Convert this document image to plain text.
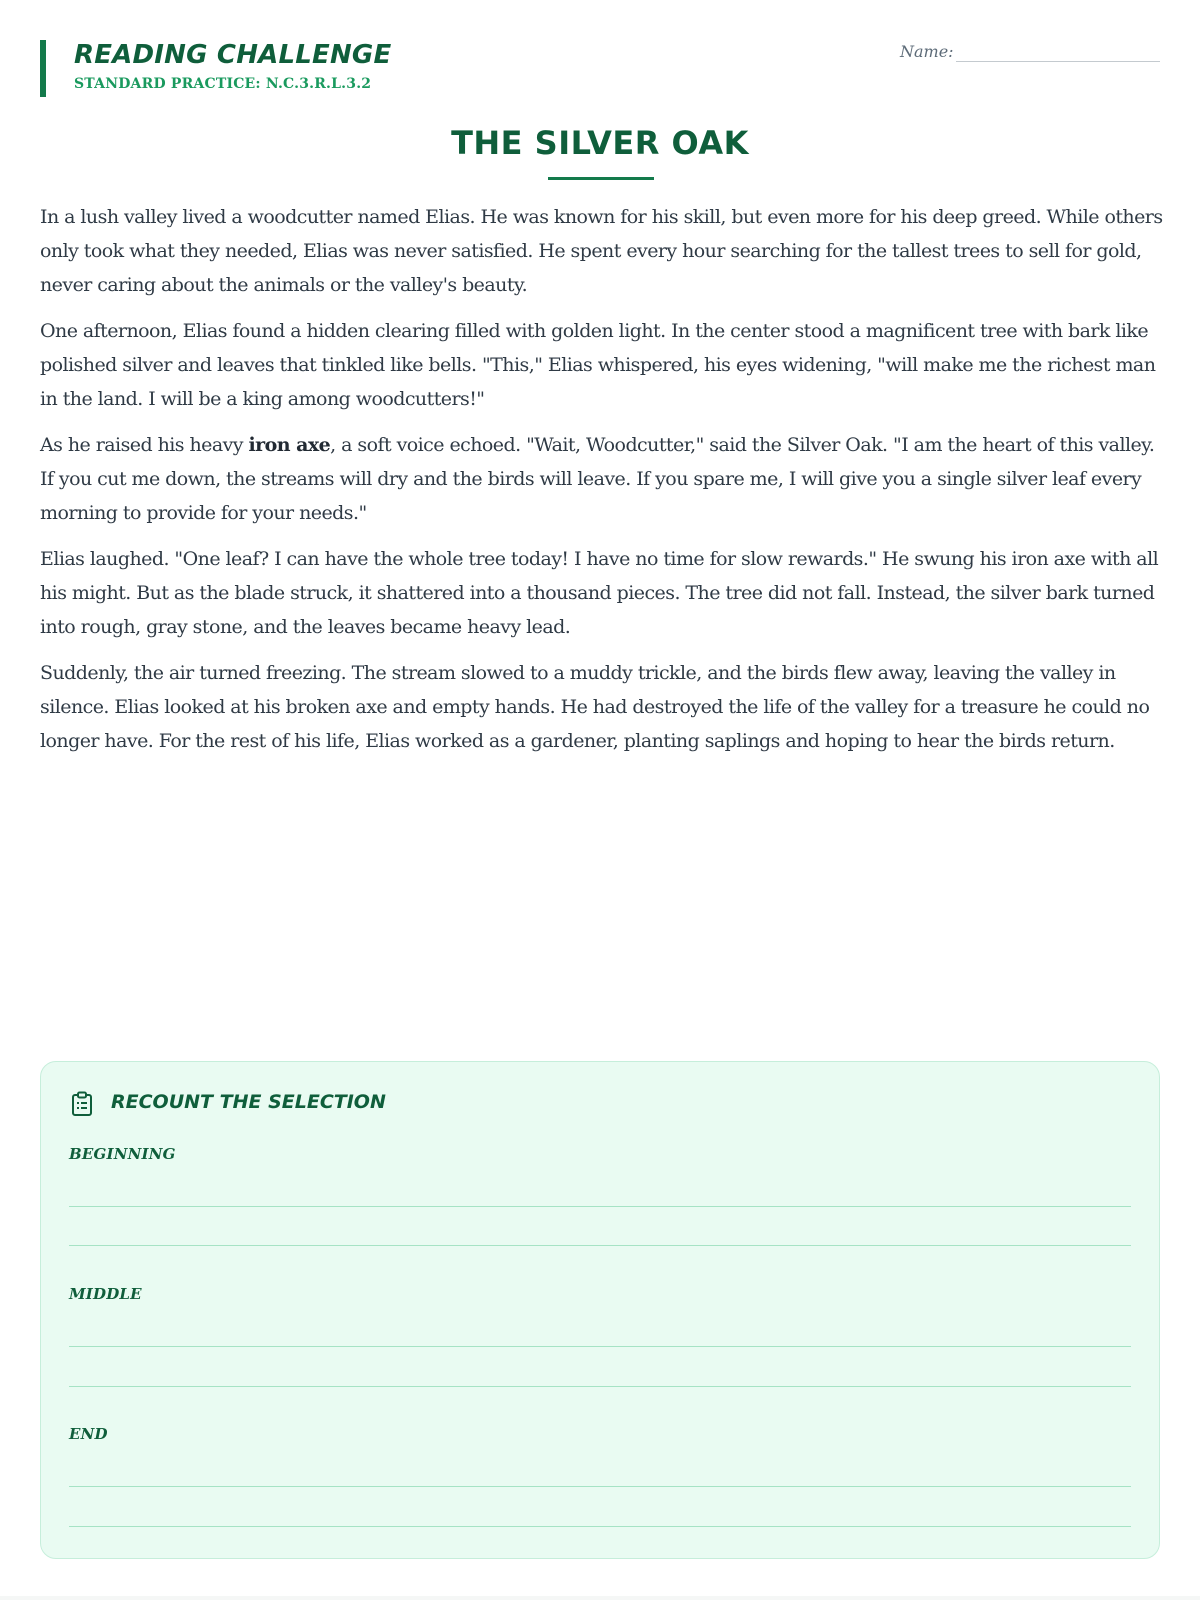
READING CHALLENGE
STANDARD PRACTICE: N.C.3.R.L.3.2
Name:
THE SILVER OAK

In a lush valley lived a woodcutter named Elias. He was known for his skill, but even more for his deep greed. While others only took what they needed, Elias was never satisfied. He spent every hour searching for the tallest trees to sell for gold, never caring about the animals or the valley's beauty.

One afternoon, Elias found a hidden clearing filled with golden light. In the center stood a magnificent tree with bark like polished silver and leaves that tinkled like bells. "This," Elias whispered, his eyes widening, "will make me the richest man in the land. I will be a king among woodcutters!"

As he raised his heavy iron axe, a soft voice echoed. "Wait, Woodcutter," said the Silver Oak. "I am the heart of this valley. If you cut me down, the streams will dry and the birds will leave. If you spare me, I will give you a single silver leaf every morning to provide for your needs."

Elias laughed. "One leaf? I can have the whole tree today! I have no time for slow rewards." He swung his iron axe with all his might. But as the blade struck, it shattered into a thousand pieces. The tree did not fall. Instead, the silver bark turned into rough, gray stone, and the leaves became heavy lead.

Suddenly, the air turned freezing. The stream slowed to a muddy trickle, and the birds flew away, leaving the valley in silence. Elias looked at his broken axe and empty hands. He had destroyed the life of the valley for a treasure he could no longer have. For the rest of his life, Elias worked as a gardener, planting saplings and hoping to hear the birds return.

RECOUNT THE SELECTION
BEGINNING
MIDDLE
END
